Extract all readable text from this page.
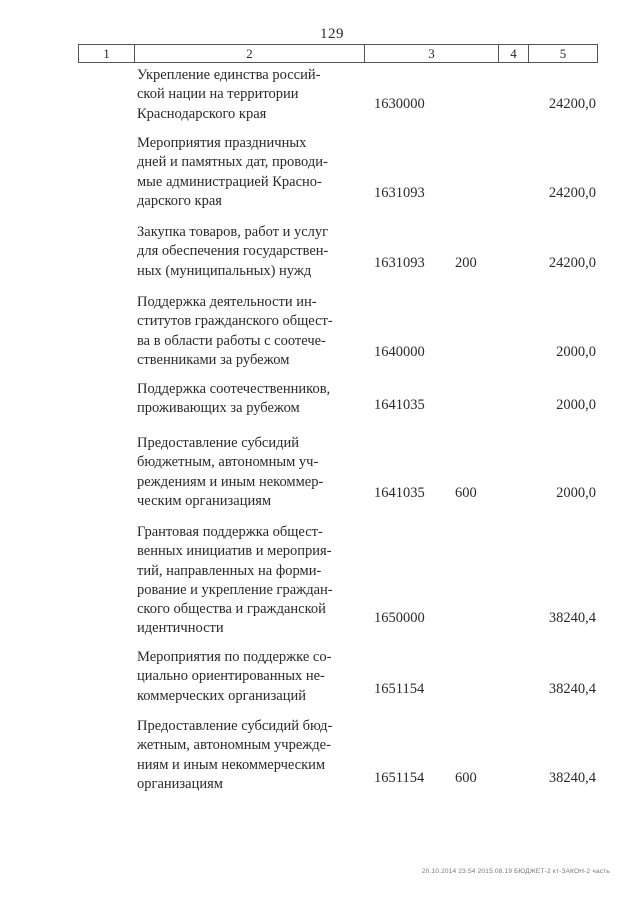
129
1	2	3	4	5
Укрепление единства россий-
ской нации на территории
Краснодарского края
1630000	24200,0
Мероприятия праздничных
дней и памятных дат, проводи-
мые администрацией Красно-
дарского края	1631093	24200,0
Закупка товаров, работ и услуг
для обеспечения государствен-
ных (муниципальных) нужд	1631093 200	24200,0
Поддержка деятельности ин-
ститутов гражданского общест-
ва в области работы с соотече-
ственниками за рубежом	1640000	2000,0
Поддержка соотечественников,
проживающих за рубежом	1641035	2000,0
Предоставление субсидий
бюджетным, автономным уч-
реждениям и иным некоммер-
ческим организациям	1641035 600	2000,0
Грантовая поддержка общест-
венных инициатив и мероприя-
тий, направленных на форми-
рование и укрепление граждан-
ского общества и гражданской
идентичности
1650000	38240,4
Мероприятия по поддержке со-
циально ориентированных не-
коммерческих организаций	1651154	38240,4
Предоставление субсидий бюд-
жетным, автономным учрежде-
ниям и иным некоммерческим
организациям	1651154 600	38240,4
20.10.2014 23:54 2015.08.19 БЮДЖЕТ-2 кт-ЗАКОН-2 часть
